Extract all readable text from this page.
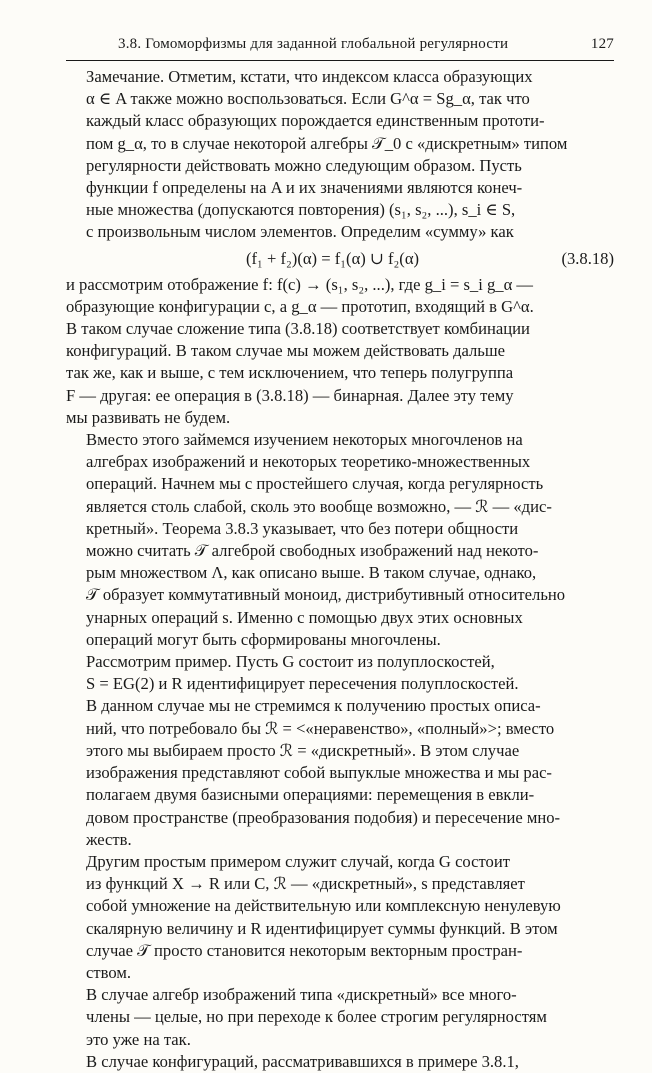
3.8. Гомоморфизмы для заданной глобальной регулярности	127

Замечание. Отметим, кстати, что индексом класса образующих
α ∈ A также можно воспользоваться. Если G^α = Sg_α, так что
каждый класс образующих порождается единственным прототи-
пом g_α, то в случае некоторой алгебры 𝒯_0 с «дискретным» типом
регулярности действовать можно следующим образом. Пусть
функции f определены на A и их значениями являются конеч-
ные множества (допускаются повторения) (s₁, s₂, ...), s_i ∈ S,
с произвольным числом элементов. Определим «сумму» как

(f₁ + f₂)(α) = f₁(α) ∪ f₂(α)	(3.8.18)

и рассмотрим отображение f: f(c) → (s₁, s₂, ...), где g_i = s_i g_α —
образующие конфигурации c, а g_α — прототип, входящий в G^α.
В таком случае сложение типа (3.8.18) соответствует комбинации
конфигураций. В таком случае мы можем действовать дальше
так же, как и выше, с тем исключением, что теперь полугруппа
F — другая: ее операция в (3.8.18) — бинарная. Далее эту тему
мы развивать не будем.

Вместо этого займемся изучением некоторых многочленов на
алгебрах изображений и некоторых теоретико-множественных
операций. Начнем мы с простейшего случая, когда регулярность
является столь слабой, сколь это вообще возможно, — ℛ — «дис-
кретный». Теорема 3.8.3 указывает, что без потери общности
можно считать 𝒯 алгеброй свободных изображений над некото-
рым множеством Λ, как описано выше. В таком случае, однако,
𝒯 образует коммутативный моноид, дистрибутивный относительно
унарных операций s. Именно с помощью двух этих основных
операций могут быть сформированы многочлены.

Рассмотрим пример. Пусть G состоит из полуплоскостей,
S = EG(2) и R идентифицирует пересечения полуплоскостей.
В данном случае мы не стремимся к получению простых описа-
ний, что потребовало бы ℛ = <«неравенство», «полный»>; вместо
этого мы выбираем просто ℛ = «дискретный». В этом случае
изображения представляют собой выпуклые множества и мы рас-
полагаем двумя базисными операциями: перемещения в евкли-
довом пространстве (преобразования подобия) и пересечение мно-
жеств.

Другим простым примером служит случай, когда G состоит
из функций X → R или C, ℛ — «дискретный», s представляет
собой умножение на действительную или комплексную ненулевую
скалярную величину и R идентифицирует суммы функций. В этом
случае 𝒯 просто становится некоторым векторным простран-
ством.

В случае алгебр изображений типа «дискретный» все много-
члены — целые, но при переходе к более строгим регулярностям
это уже на так.

В случае конфигураций, рассматривавшихся в примере 3.8.1,
